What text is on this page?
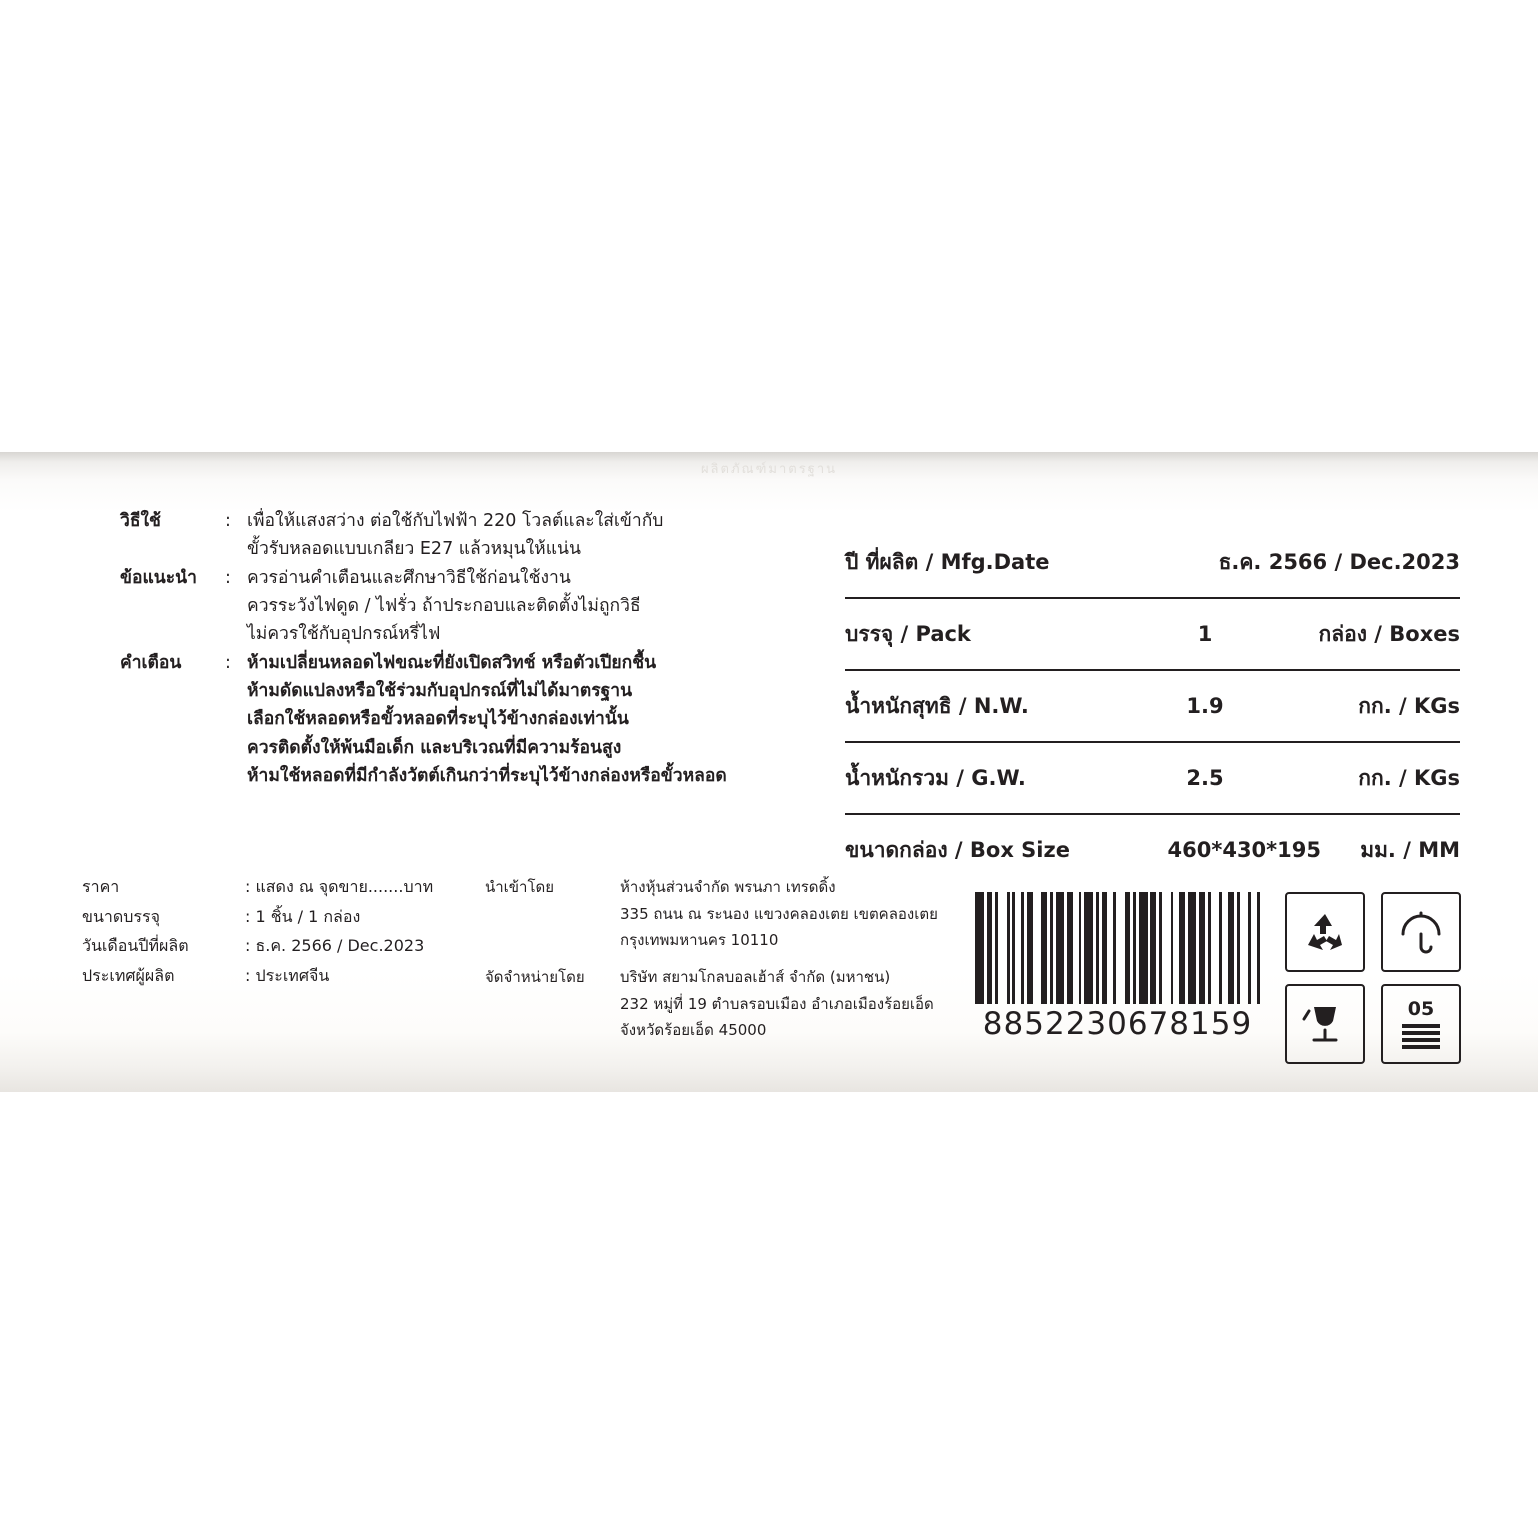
ผลิตภัณฑ์มาตรฐาน
วิธีใช้	: เพื่อให้แสงสว่าง ต่อใช้กับไฟฟ้า 220 โวลต์และใส่เข้ากับ
ขั้วรับหลอดแบบเกลียว E27 แล้วหมุนให้แน่น
ข้อแนะนำ	: ควรอ่านคำเตือนและศึกษาวิธีใช้ก่อนใช้งาน
ควรระวังไฟดูด / ไฟรั่ว ถ้าประกอบและติดตั้งไม่ถูกวิธี
ไม่ควรใช้กับอุปกรณ์หรี่ไฟ
คำเตือน	: ห้ามเปลี่ยนหลอดไฟขณะที่ยังเปิดสวิทช์ หรือตัวเปียกชื้น
ห้ามดัดแปลงหรือใช้ร่วมกับอุปกรณ์ที่ไม่ได้มาตรฐาน
เลือกใช้หลอดหรือขั้วหลอดที่ระบุไว้ข้างกล่องเท่านั้น
ควรติดตั้งให้พ้นมือเด็ก และบริเวณที่มีความร้อนสูง
ห้ามใช้หลอดที่มีกำลังวัตต์เกินกว่าที่ระบุไว้ข้างกล่องหรือขั้วหลอด
ราคา	: แสดง ณ จุดขาย.......บาท
ขนาดบรรจุ	: 1 ชิ้น / 1 กล่อง
วันเดือนปีที่ผลิต	: ธ.ค. 2566 / Dec.2023
ประเทศผู้ผลิต	: ประเทศจีน
นำเข้าโดย	ห้างหุ้นส่วนจำกัด พรนภา เทรดดิ้ง
335 ถนน ณ ระนอง แขวงคลองเตย เขตคลองเตย
กรุงเทพมหานคร 10110
จัดจำหน่ายโดย	บริษัท สยามโกลบอลเฮ้าส์ จำกัด (มหาชน)
232 หมู่ที่ 19 ตำบลรอบเมือง อำเภอเมืองร้อยเอ็ด
จังหวัดร้อยเอ็ด 45000
ปี ที่ผลิต / Mfg.Date	ธ.ค. 2566 / Dec.2023
บรรจุ / Pack	1	กล่อง / Boxes
น้ำหนักสุทธิ / N.W.	1.9	กก. / KGs
น้ำหนักรวม / G.W.	2.5	กก. / KGs
ขนาดกล่อง / Box Size	460*430*195	มม. / MM
8852230678159	05
